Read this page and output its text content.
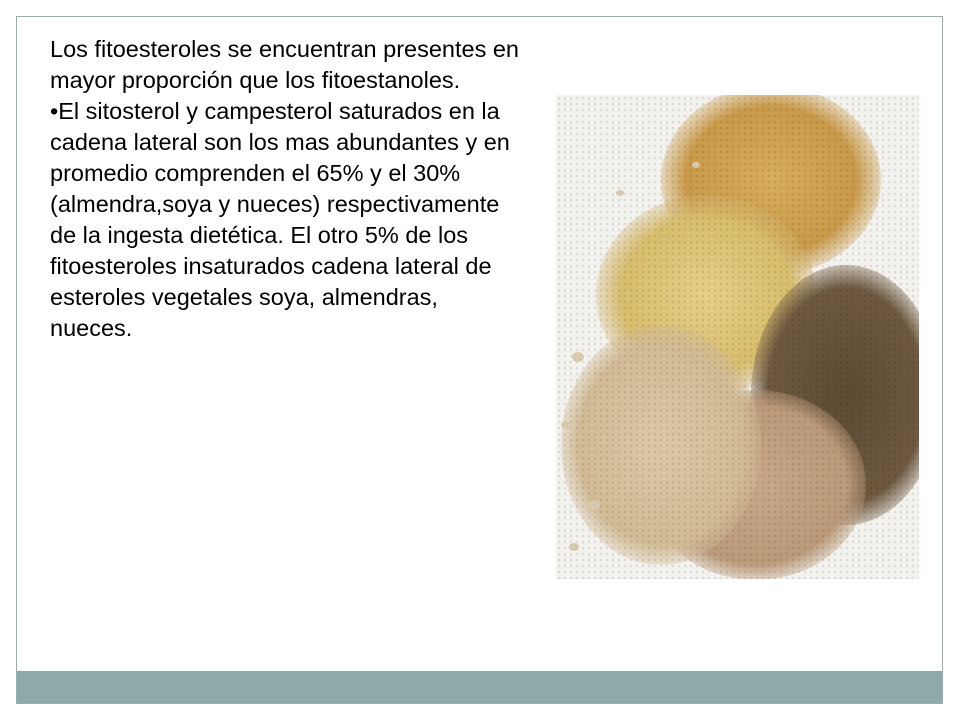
Los fitoesteroles se encuentran presentes en mayor proporción que los fitoestanoles.

•El sitosterol y campesterol saturados en la cadena lateral son los mas abundantes y en promedio comprenden el 65% y el 30% (almendra,soya y nueces) respectivamente de la ingesta dietética. El otro 5% de los fitoesteroles insaturados cadena lateral de esteroles vegetales soya, almendras, nueces.
